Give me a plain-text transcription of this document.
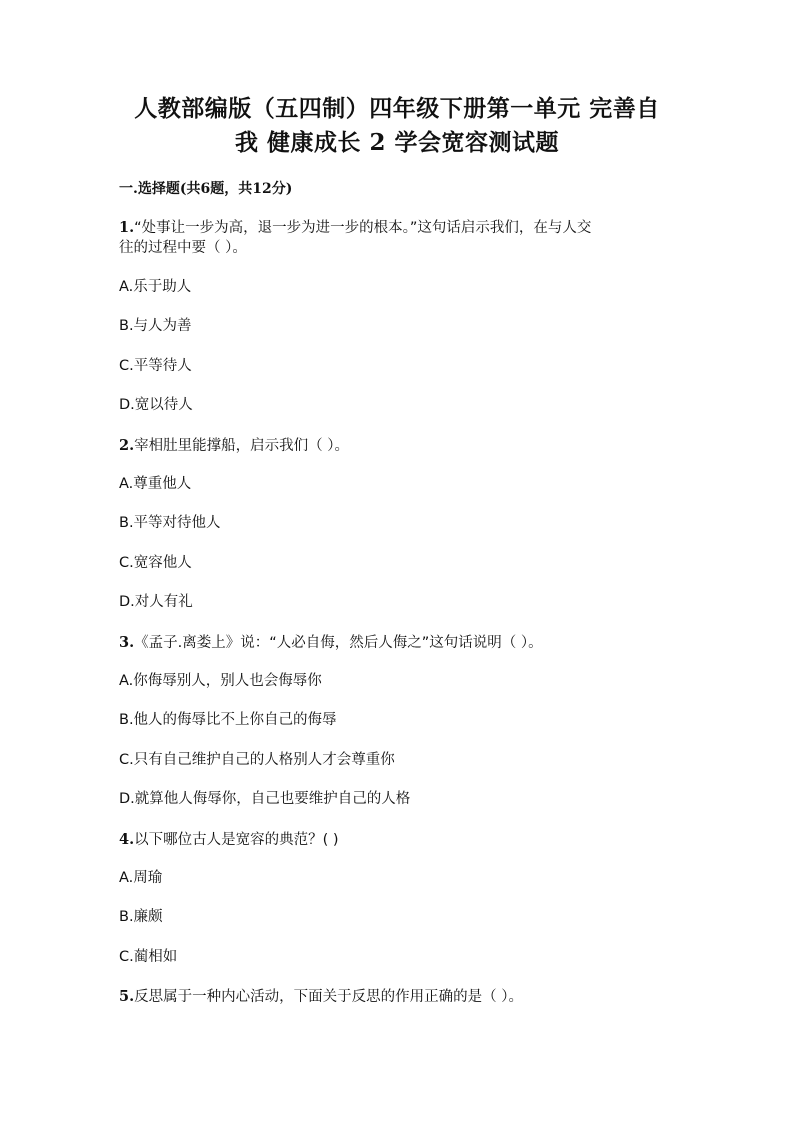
人教部编版（五四制）四年级下册第一单元 完善自
我 健康成长 2 学会宽容测试题
一.选择题(共6题，共12分)
1.“处事让一步为高，退一步为进一步的根本。”这句话启示我们，在与人交
往的过程中要（ ）。
A.乐于助人
B.与人为善
C.平等待人
D.宽以待人
2.宰相肚里能撑船，启示我们（ ）。
A.尊重他人
B.平等对待他人
C.宽容他人
D.对人有礼
3.《孟子.离娄上》说：“人必自侮，然后人侮之”这句话说明（ ）。
A.你侮辱别人，别人也会侮辱你
B.他人的侮辱比不上你自己的侮辱
C.只有自己维护自己的人格别人才会尊重你
D.就算他人侮辱你，自己也要维护自己的人格
4.以下哪位古人是宽容的典范？( )
A.周瑜
B.廉颇
C.蔺相如
5.反思属于一种内心活动，下面关于反思的作用正确的是（ ）。
